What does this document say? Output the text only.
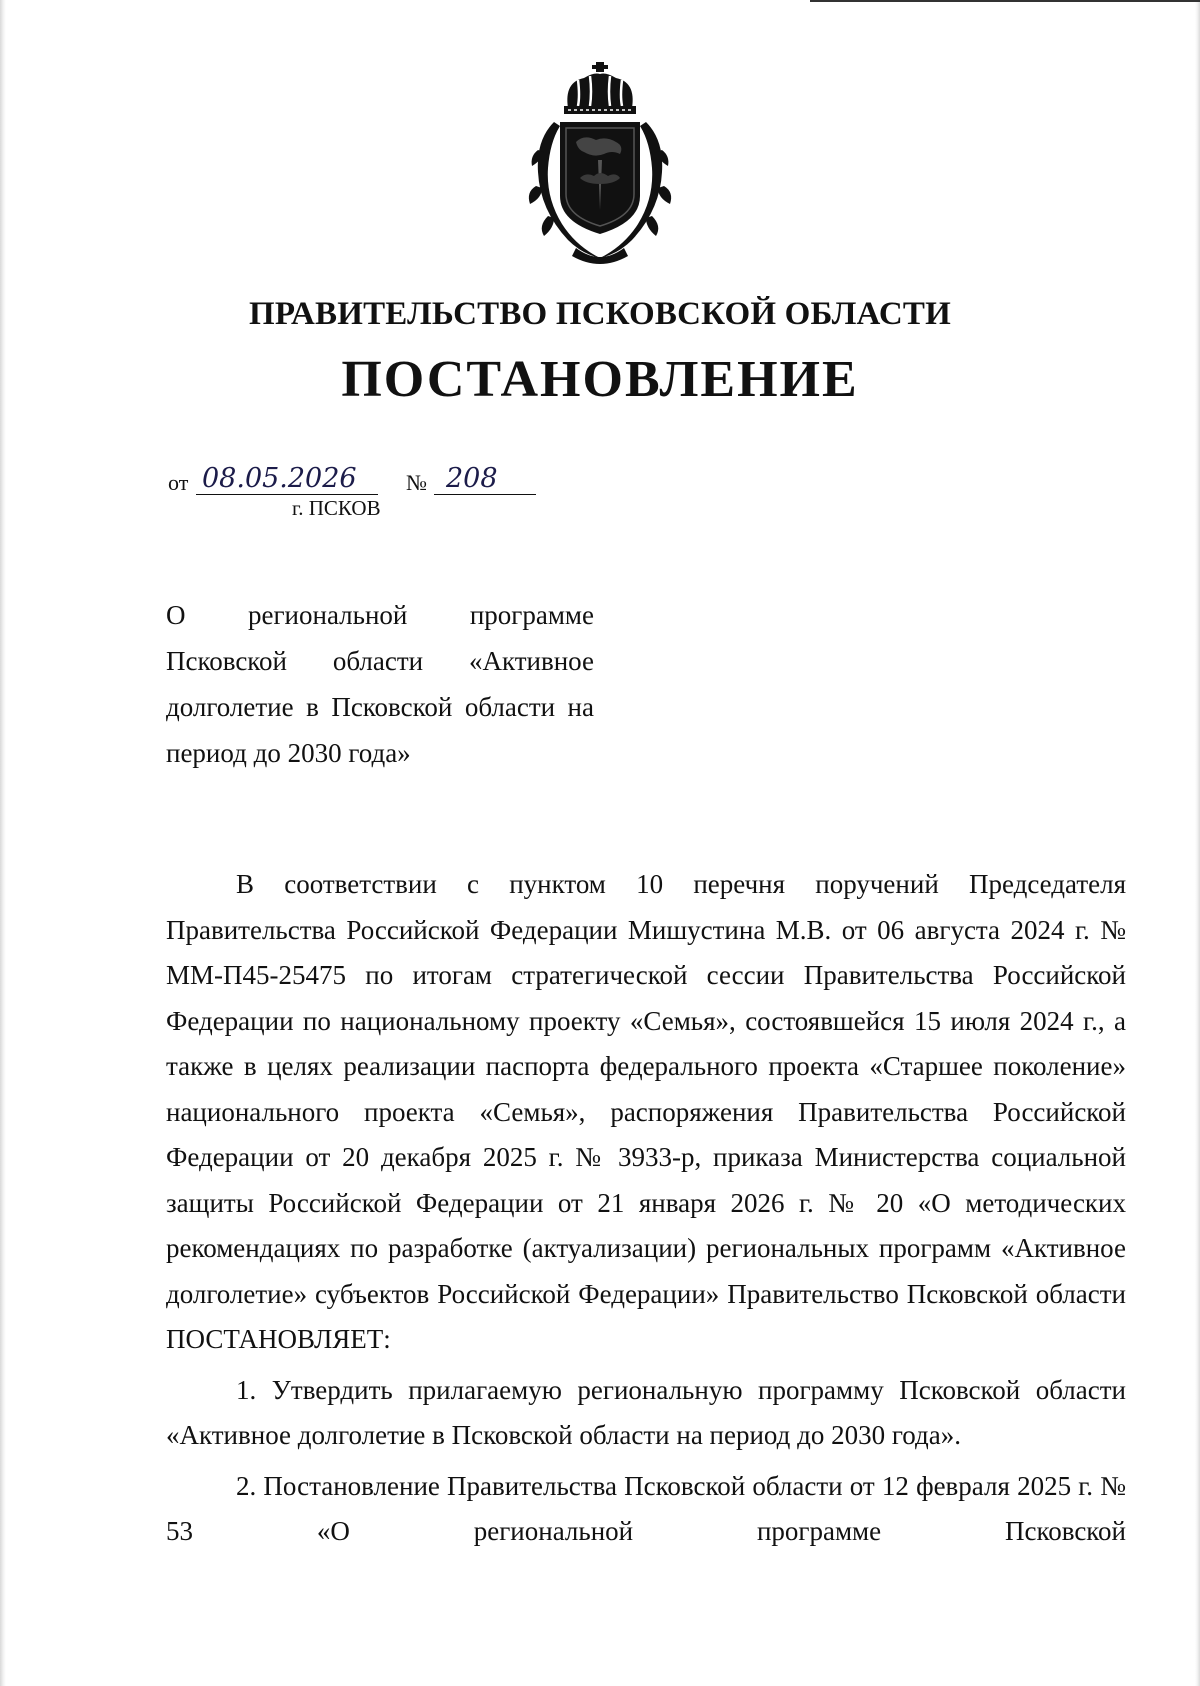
ПРАВИТЕЛЬСТВО ПСКОВСКОЙ ОБЛАСТИ
ПОСТАНОВЛЕНИЕ
от 08.05.2026	№ 208
г. ПСКОВ

О региональной программе Псковской области «Активное долголетие в Псковской области на период до 2030 года»

В соответствии с пунктом 10 перечня поручений Председателя Правительства Российской Федерации Мишустина М.В. от 06 августа 2024 г. № ММ-П45-25475 по итогам стратегической сессии Правительства Российской Федерации по национальному проекту «Семья», состоявшейся 15 июля 2024 г., а также в целях реализации паспорта федерального проекта «Старшее поколение» национального проекта «Семья», распоряжения Правительства Российской Федерации от 20 декабря 2025 г. № 3933-р, приказа Министерства социальной защиты Российской Федерации от 21 января 2026 г. № 20 «О методических рекомендациях по разработке (актуализации) региональных программ «Активное долголетие» субъектов Российской Федерации» Правительство Псковской области ПОСТАНОВЛЯЕТ:

1. Утвердить прилагаемую региональную программу Псковской области «Активное долголетие в Псковской области на период до 2030 года».

2. Постановление Правительства Псковской области от 12 февраля 2025 г. № 53 «О региональной программе Псковской
